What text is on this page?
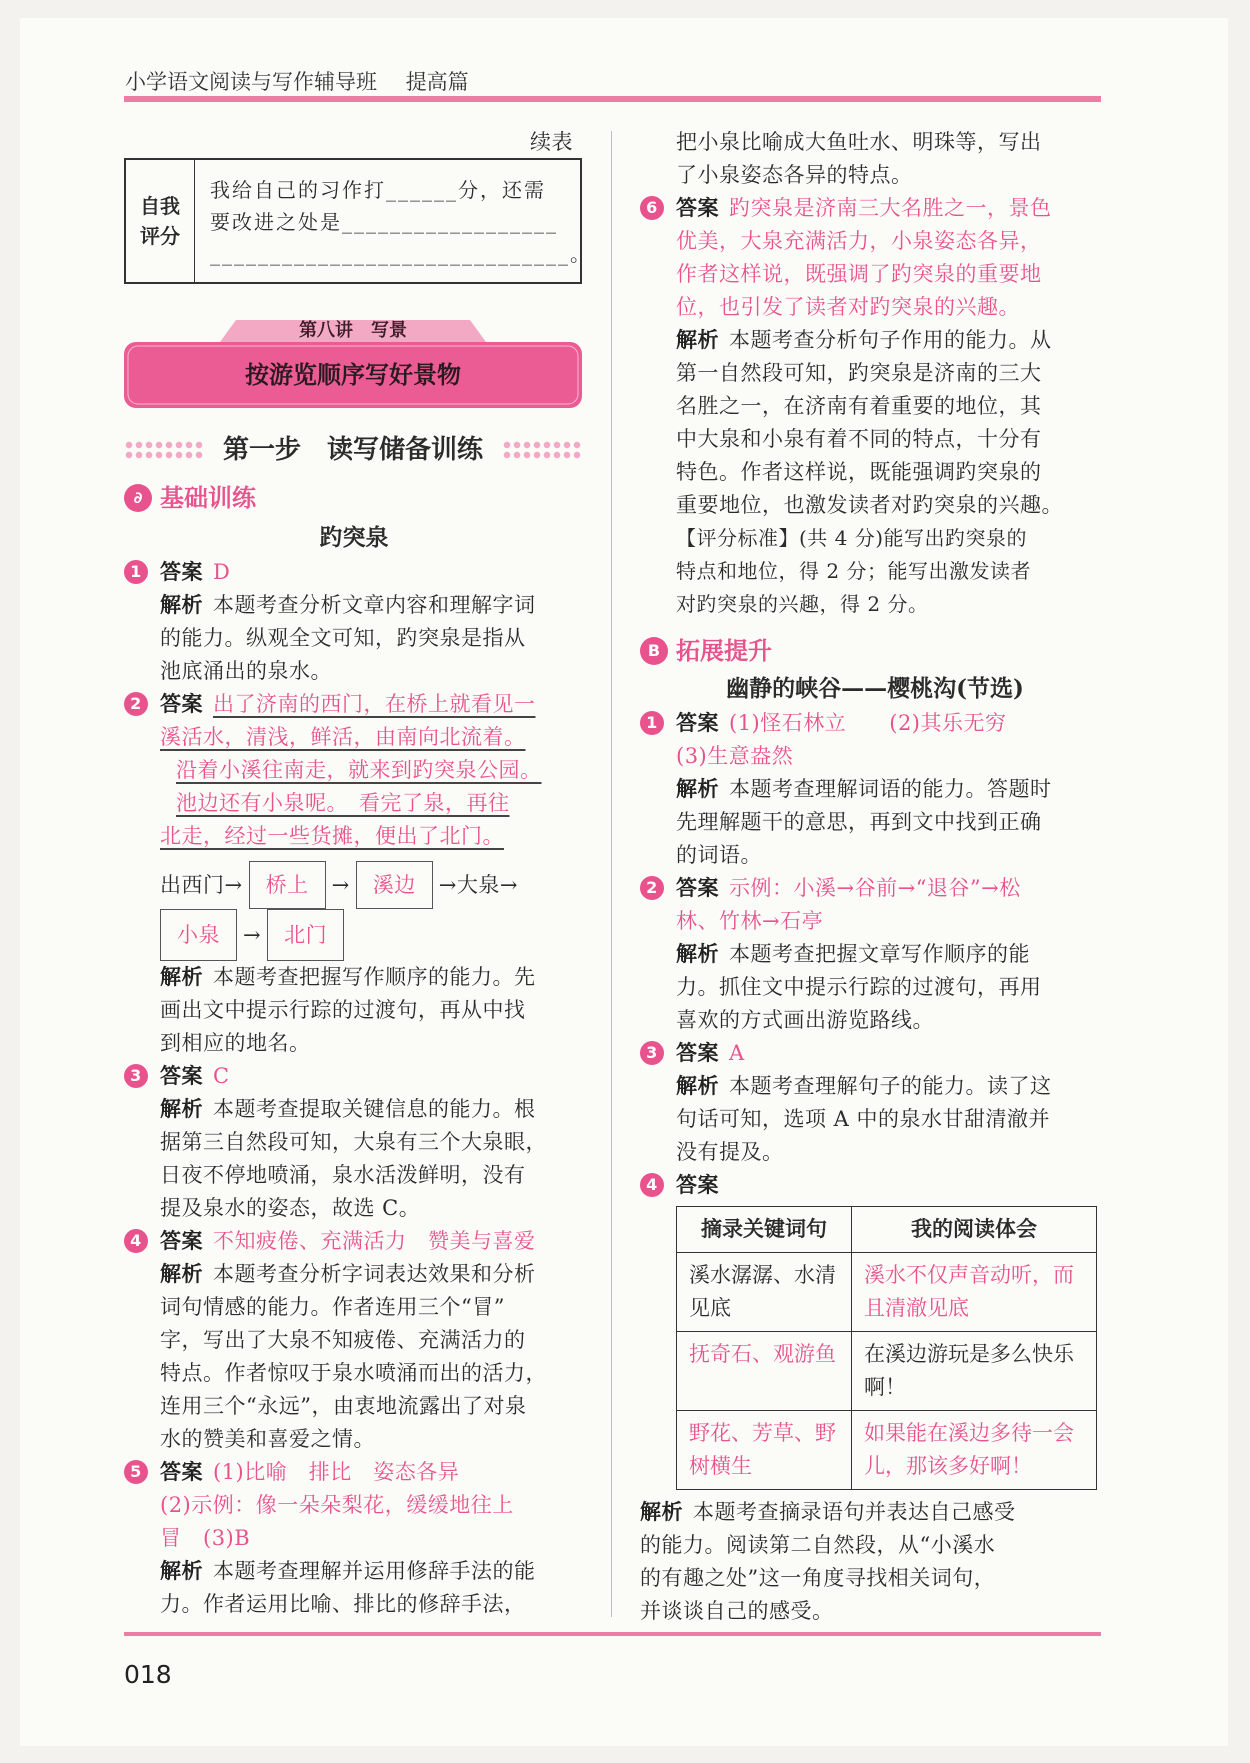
小学语文阅读与写作辅导班 提高篇
续表
自我
评分
我给自己的习作打______分，还需
要改进之处是__________________
______________________________。
第八讲　写景
按游览顺序写好景物
第一步　读写储备训练
∂ 基础训练
趵突泉
1 答案 D
解析 本题考查分析文章内容和理解字词
的能力。纵观全文可知，趵突泉是指从
池底涌出的泉水。
2 答案 出了济南的西门，在桥上就看见一
溪活水，清浅，鲜活，由南向北流着。
沿着小溪往南走，就来到趵突泉公园。
池边还有小泉呢。　看完了泉，再往
北走，经过一些货摊，便出了北门。
出西门→ 桥上 → 溪边 →大泉→
小泉 → 北门
解析 本题考查把握写作顺序的能力。先
画出文中提示行踪的过渡句，再从中找
到相应的地名。
3 答案 C
解析 本题考查提取关键信息的能力。根
据第三自然段可知，大泉有三个大泉眼，
日夜不停地喷涌，泉水活泼鲜明，没有
提及泉水的姿态，故选 C。
4 答案 不知疲倦、充满活力　赞美与喜爱
解析 本题考查分析字词表达效果和分析
词句情感的能力。作者连用三个“冒”
字，写出了大泉不知疲倦、充满活力的
特点。作者惊叹于泉水喷涌而出的活力，
连用三个“永远”，由衷地流露出了对泉
水的赞美和喜爱之情。
5 答案 (1)比喻　排比　姿态各异
(2)示例：像一朵朵梨花，缓缓地往上
冒　(3)B
解析 本题考查理解并运用修辞手法的能
力。作者运用比喻、排比的修辞手法，
把小泉比喻成大鱼吐水、明珠等，写出
了小泉姿态各异的特点。
6 答案 趵突泉是济南三大名胜之一，景色
优美，大泉充满活力，小泉姿态各异，
作者这样说，既强调了趵突泉的重要地
位，也引发了读者对趵突泉的兴趣。
解析 本题考查分析句子作用的能力。从
第一自然段可知，趵突泉是济南的三大
名胜之一，在济南有着重要的地位，其
中大泉和小泉有着不同的特点，十分有
特色。作者这样说，既能强调趵突泉的
重要地位，也激发读者对趵突泉的兴趣。
【评分标准】(共 4 分)能写出趵突泉的
特点和地位，得 2 分；能写出激发读者
对趵突泉的兴趣，得 2 分。
B 拓展提升
幽静的峡谷——樱桃沟(节选)
1 答案 (1)怪石林立　　(2)其乐无穷
(3)生意盎然
解析 本题考查理解词语的能力。答题时
先理解题干的意思，再到文中找到正确
的词语。
2 答案 示例：小溪→谷前→“退谷”→松
林、竹林→石亭
解析 本题考查把握文章写作顺序的能
力。抓住文中提示行踪的过渡句，再用
喜欢的方式画出游览路线。
3 答案 A
解析 本题考查理解句子的能力。读了这
句话可知，选项 A 中的泉水甘甜清澈并
没有提及。
4 答案
摘录关键词句	我的阅读体会
溪水潺潺、水清见底	溪水不仅声音动听，而且清澈见底
抚奇石、观游鱼	在溪边游玩是多么快乐啊！
野花、芳草、野树横生	如果能在溪边多待一会儿，那该多好啊！
解析 本题考查摘录语句并表达自己感受
的能力。阅读第二自然段，从“小溪水
的有趣之处”这一角度寻找相关词句，
并谈谈自己的感受。
018
